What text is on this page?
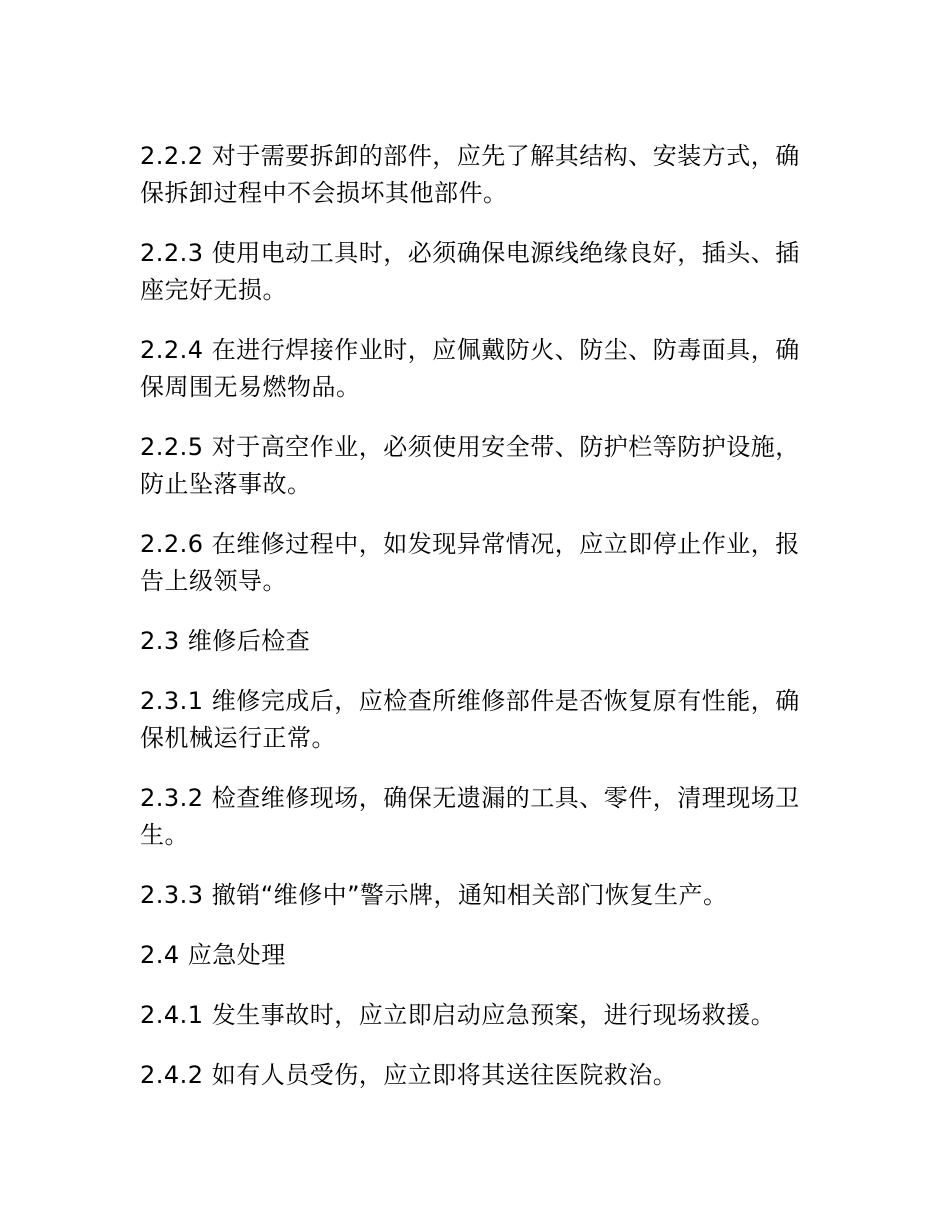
2.2.2 对于需要拆卸的部件，应先了解其结构、安装方式，确保拆卸过程中不会损坏其他部件。

2.2.3 使用电动工具时，必须确保电源线绝缘良好，插头、插座完好无损。

2.2.4 在进行焊接作业时，应佩戴防火、防尘、防毒面具，确保周围无易燃物品。

2.2.5 对于高空作业，必须使用安全带、防护栏等防护设施，防止坠落事故。

2.2.6 在维修过程中，如发现异常情况，应立即停止作业，报告上级领导。

2.3 维修后检查

2.3.1 维修完成后，应检查所维修部件是否恢复原有性能，确保机械运行正常。

2.3.2 检查维修现场，确保无遗漏的工具、零件，清理现场卫生。

2.3.3 撤销“维修中”警示牌，通知相关部门恢复生产。

2.4 应急处理

2.4.1 发生事故时，应立即启动应急预案，进行现场救援。

2.4.2 如有人员受伤，应立即将其送往医院救治。
